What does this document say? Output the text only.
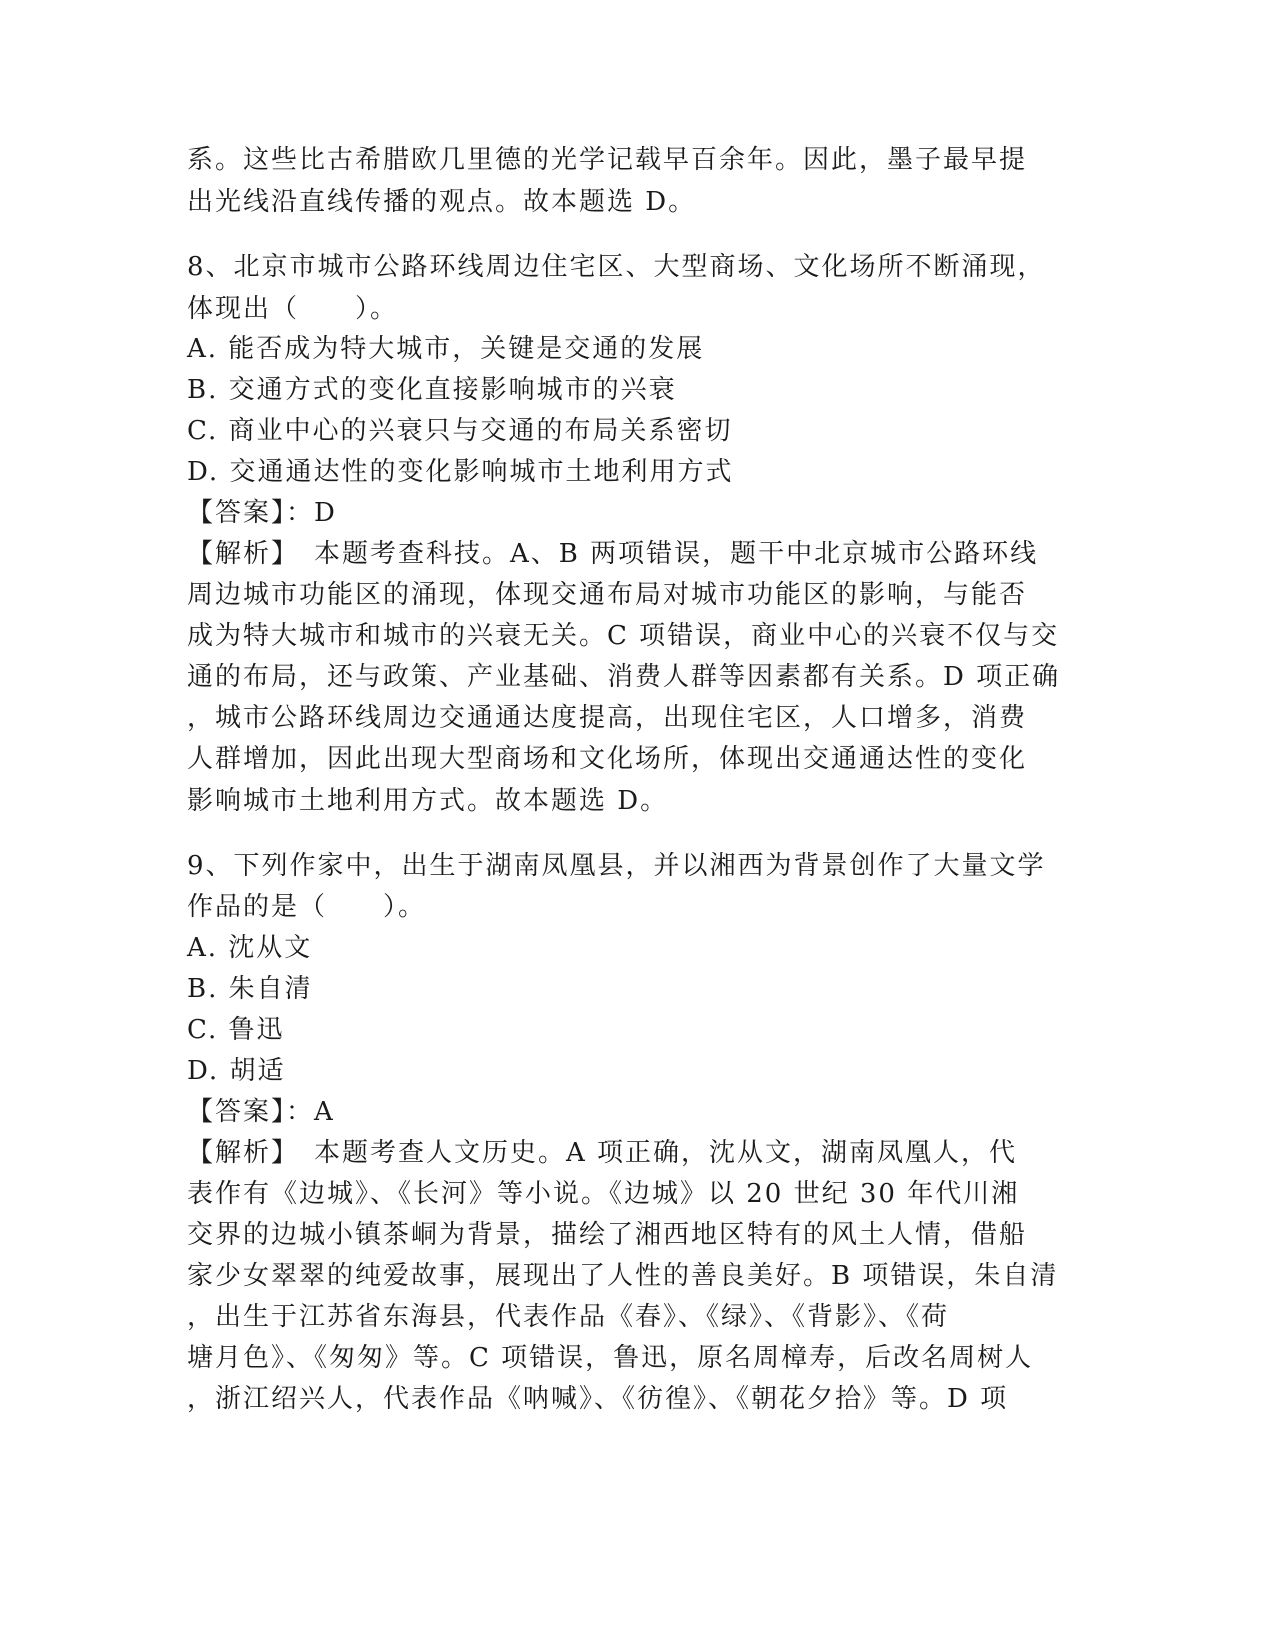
系。这些比古希腊欧几里德的光学记载早百余年。因此，墨子最早提

出光线沿直线传播的观点。故本题选 D。

8、北京市城市公路环线周边住宅区、大型商场、文化场所不断涌现，

体现出（　　）。

A. 能否成为特大城市，关键是交通的发展

B. 交通方式的变化直接影响城市的兴衰

C. 商业中心的兴衰只与交通的布局关系密切

D. 交通通达性的变化影响城市土地利用方式

【答案】：D

【解析】　本题考查科技。A、B 两项错误，题干中北京城市公路环线

周边城市功能区的涌现，体现交通布局对城市功能区的影响，与能否

成为特大城市和城市的兴衰无关。C 项错误，商业中心的兴衰不仅与交

通的布局，还与政策、产业基础、消费人群等因素都有关系。D 项正确

，城市公路环线周边交通通达度提高，出现住宅区，人口增多，消费

人群增加，因此出现大型商场和文化场所，体现出交通通达性的变化

影响城市土地利用方式。故本题选 D。

9、下列作家中，出生于湖南凤凰县，并以湘西为背景创作了大量文学

作品的是（　　）。

A. 沈从文

B. 朱自清

C. 鲁迅

D. 胡适

【答案】：A

【解析】　本题考查人文历史。A 项正确，沈从文，湖南凤凰人，代

表作有《边城》、《长河》等小说。《边城》以 20 世纪 30 年代川湘

交界的边城小镇茶峒为背景，描绘了湘西地区特有的风土人情，借船

家少女翠翠的纯爱故事，展现出了人性的善良美好。B 项错误，朱自清

，出生于江苏省东海县，代表作品《春》、《绿》、《背影》、《荷

塘月色》、《匆匆》等。C 项错误，鲁迅，原名周樟寿，后改名周树人

，浙江绍兴人，代表作品《呐喊》、《彷徨》、《朝花夕拾》等。D 项
